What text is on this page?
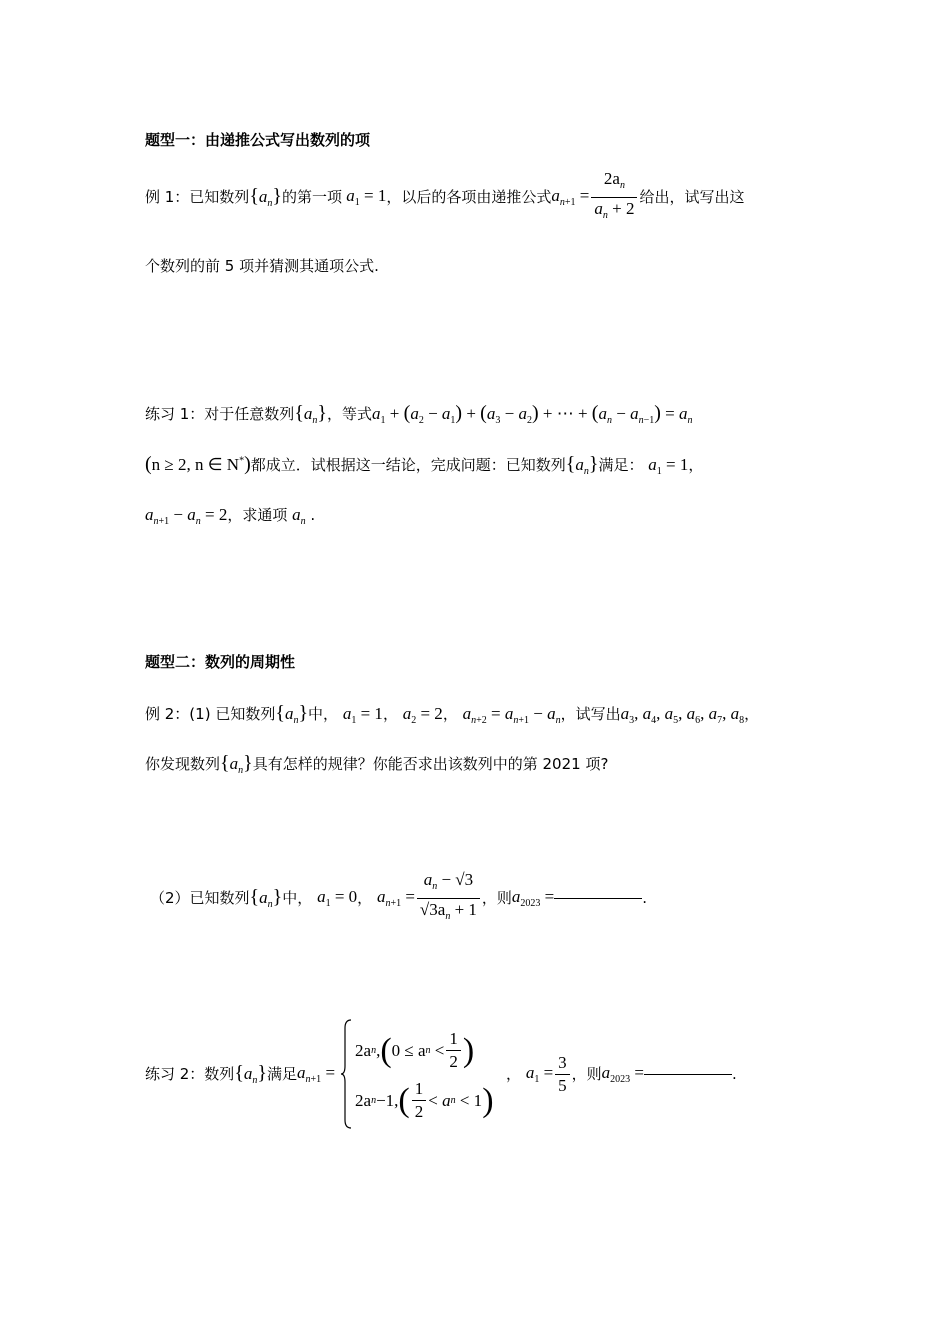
题型一：由递推公式写出数列的项
例 1：已知数列 $\{a_n\}$ 的第一项 $a_1 = 1$ ，以后的各项由递推公式 $a_{n+1} = \frac{2a_n}{a_n + 2}$ 给出，试写出这
个数列的前 5 项并猜测其通项公式.
练习 1：对于任意数列$\{a_n\}$，等式$a_1 + (a_2 - a_1) + (a_3 - a_2)$ + ⋯ + $(a_n - a_{n-1}) = a_n$
(n ≥ 2, n ∈ N*)都成立．试根据这一结论，完成问题：已知数列$\{a_n\}$满足： $a_1 = 1$，
$a_{n+1} - a_n = 2$，求通项 $a_n$ .
题型二：数列的周期性
例 2：(1) 已知数列$\{a_n\}$中， $a_1 = 1$， $a_2 = 2$， $a_{n+2} = a_{n+1} - a_n$，试写出$a_3$, $a_4$, $a_5$, $a_6$, $a_7$, $a_8$，
你发现数列$\{a_n\}$具有怎样的规律？你能否求出该数列中的第 2021 项?
（2）已知数列 $\{a_n\}$ 中，
$a_1 = 0$ ， $a_{n+1} = \frac{a_n - √3}{√3a_n + 1}$ ，则 $a_{2023}$ =	.
练习 2：数列 $\{a_n\}$ 满足 $a_{n+1}$ =
2a n , ( 0 ≤ a $n < \frac{1}{2}$ )
2a n −1, ( $\frac{1}{2} < a$ n < 1 )
， $a_1 = \frac{3}{5}$ ，则 $a_{2023}$ =	.
